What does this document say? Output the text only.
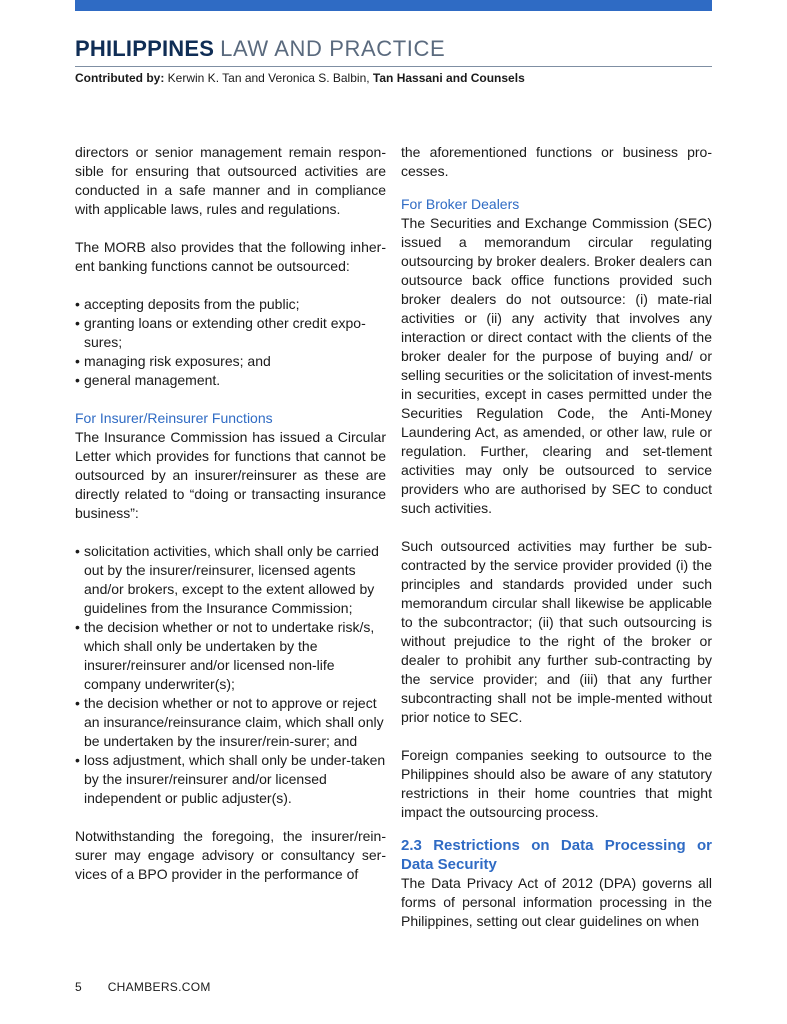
PHILIPPINES LAW AND PRACTICE
Contributed by: Kerwin K. Tan and Veronica S. Balbin, Tan Hassani and Counsels

directors or senior management remain respon-sible for ensuring that outsourced activities are conducted in a safe manner and in compliance with applicable laws, rules and regulations.

The MORB also provides that the following inher-ent banking functions cannot be outsourced:

• accepting deposits from the public;
• granting loans or extending other credit expo-sures;
• managing risk exposures; and
• general management.

For Insurer/Reinsurer Functions

The Insurance Commission has issued a Circular Letter which provides for functions that cannot be outsourced by an insurer/reinsurer as these are directly related to “doing or transacting insurance business”:

• solicitation activities, which shall only be carried out by the insurer/reinsurer, licensed agents and/or brokers, except to the extent allowed by guidelines from the Insurance Commission;
• the decision whether or not to undertake risk/s, which shall only be undertaken by the insurer/reinsurer and/or licensed non-life company underwriter(s);
• the decision whether or not to approve or reject an insurance/reinsurance claim, which shall only be undertaken by the insurer/rein-surer; and
• loss adjustment, which shall only be under-taken by the insurer/reinsurer and/or licensed independent or public adjuster(s).

Notwithstanding the foregoing, the insurer/rein-surer may engage advisory or consultancy ser-vices of a BPO provider in the performance of

the aforementioned functions or business pro-cesses.

For Broker Dealers

The Securities and Exchange Commission (SEC) issued a memorandum circular regulating outsourcing by broker dealers. Broker dealers can outsource back office functions provided such broker dealers do not outsource: (i) mate-rial activities or (ii) any activity that involves any interaction or direct contact with the clients of the broker dealer for the purpose of buying and/ or selling securities or the solicitation of invest-ments in securities, except in cases permitted under the Securities Regulation Code, the Anti-Money Laundering Act, as amended, or other law, rule or regulation. Further, clearing and set-tlement activities may only be outsourced to service providers who are authorised by SEC to conduct such activities.

Such outsourced activities may further be sub-contracted by the service provider provided (i) the principles and standards provided under such memorandum circular shall likewise be applicable to the subcontractor; (ii) that such outsourcing is without prejudice to the right of the broker or dealer to prohibit any further sub-contracting by the service provider; and (iii) that any further subcontracting shall not be imple-mented without prior notice to SEC.

Foreign companies seeking to outsource to the Philippines should also be aware of any statutory restrictions in their home countries that might impact the outsourcing process.

2.3 Restrictions on Data Processing or Data Security

The Data Privacy Act of 2012 (DPA) governs all forms of personal information processing in the Philippines, setting out clear guidelines on when

5 CHAMBERS.COM
